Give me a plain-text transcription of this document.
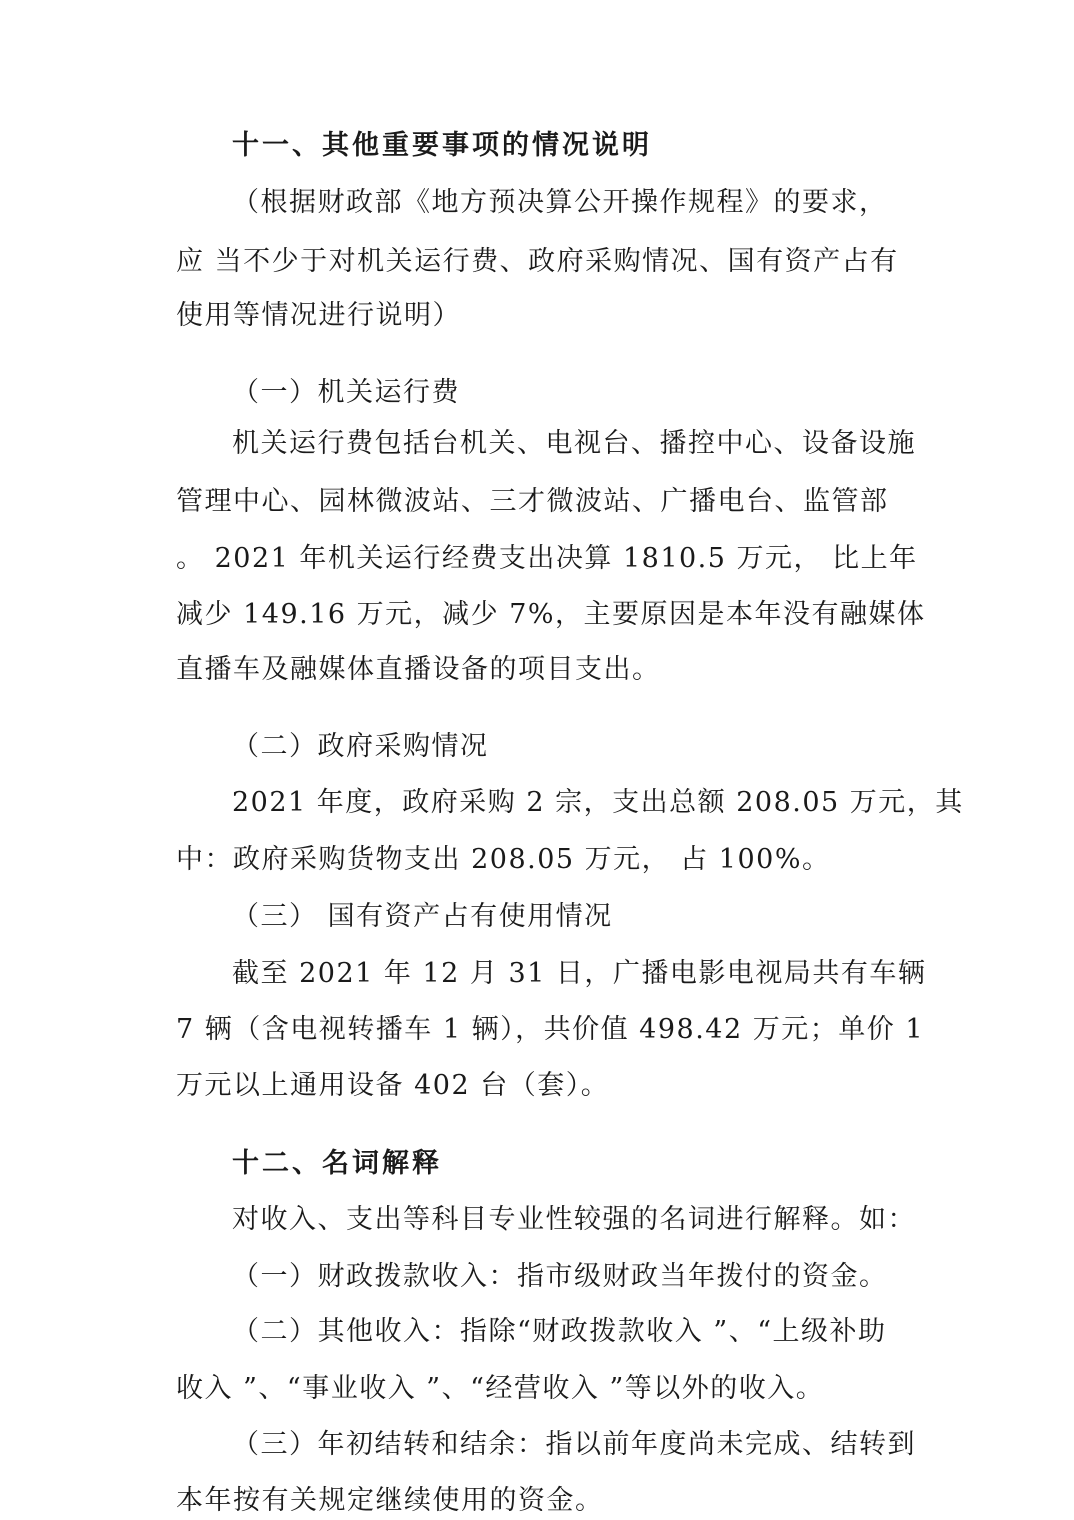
十一、其他重要事项的情况说明
（根据财政部《地方预决算公开操作规程》的要求，
应 当不少于对机关运行费、政府采购情况、国有资产占有
使用等情况进行说明）
（一）机关运行费
机关运行费包括台机关、电视台、播控中心、设备设施
管理中心、园林微波站、三才微波站、广播电台、监管部
。 2021 年机关运行经费支出决算 1810.5 万元， 比上年
减少 149.16 万元，减少 7%，主要原因是本年没有融媒体
直播车及融媒体直播设备的项目支出。
（二）政府采购情况
2021 年度，政府采购 2 宗，支出总额 208.05 万元，其
中：政府采购货物支出 208.05 万元， 占 100%。
（三） 国有资产占有使用情况
截至 2021 年 12 月 31 日，广播电影电视局共有车辆
7 辆（含电视转播车 1 辆），共价值 498.42 万元；单价 1
万元以上通用设备 402 台（套）。
十二、名词解释
对收入、支出等科目专业性较强的名词进行解释。如：
（一）财政拨款收入：指市级财政当年拨付的资金。
（二）其他收入：指除“财政拨款收入 ”、“上级补助
收入 ”、“事业收入 ”、“经营收入 ”等以外的收入。
（三）年初结转和结余：指以前年度尚未完成、结转到
本年按有关规定继续使用的资金。
